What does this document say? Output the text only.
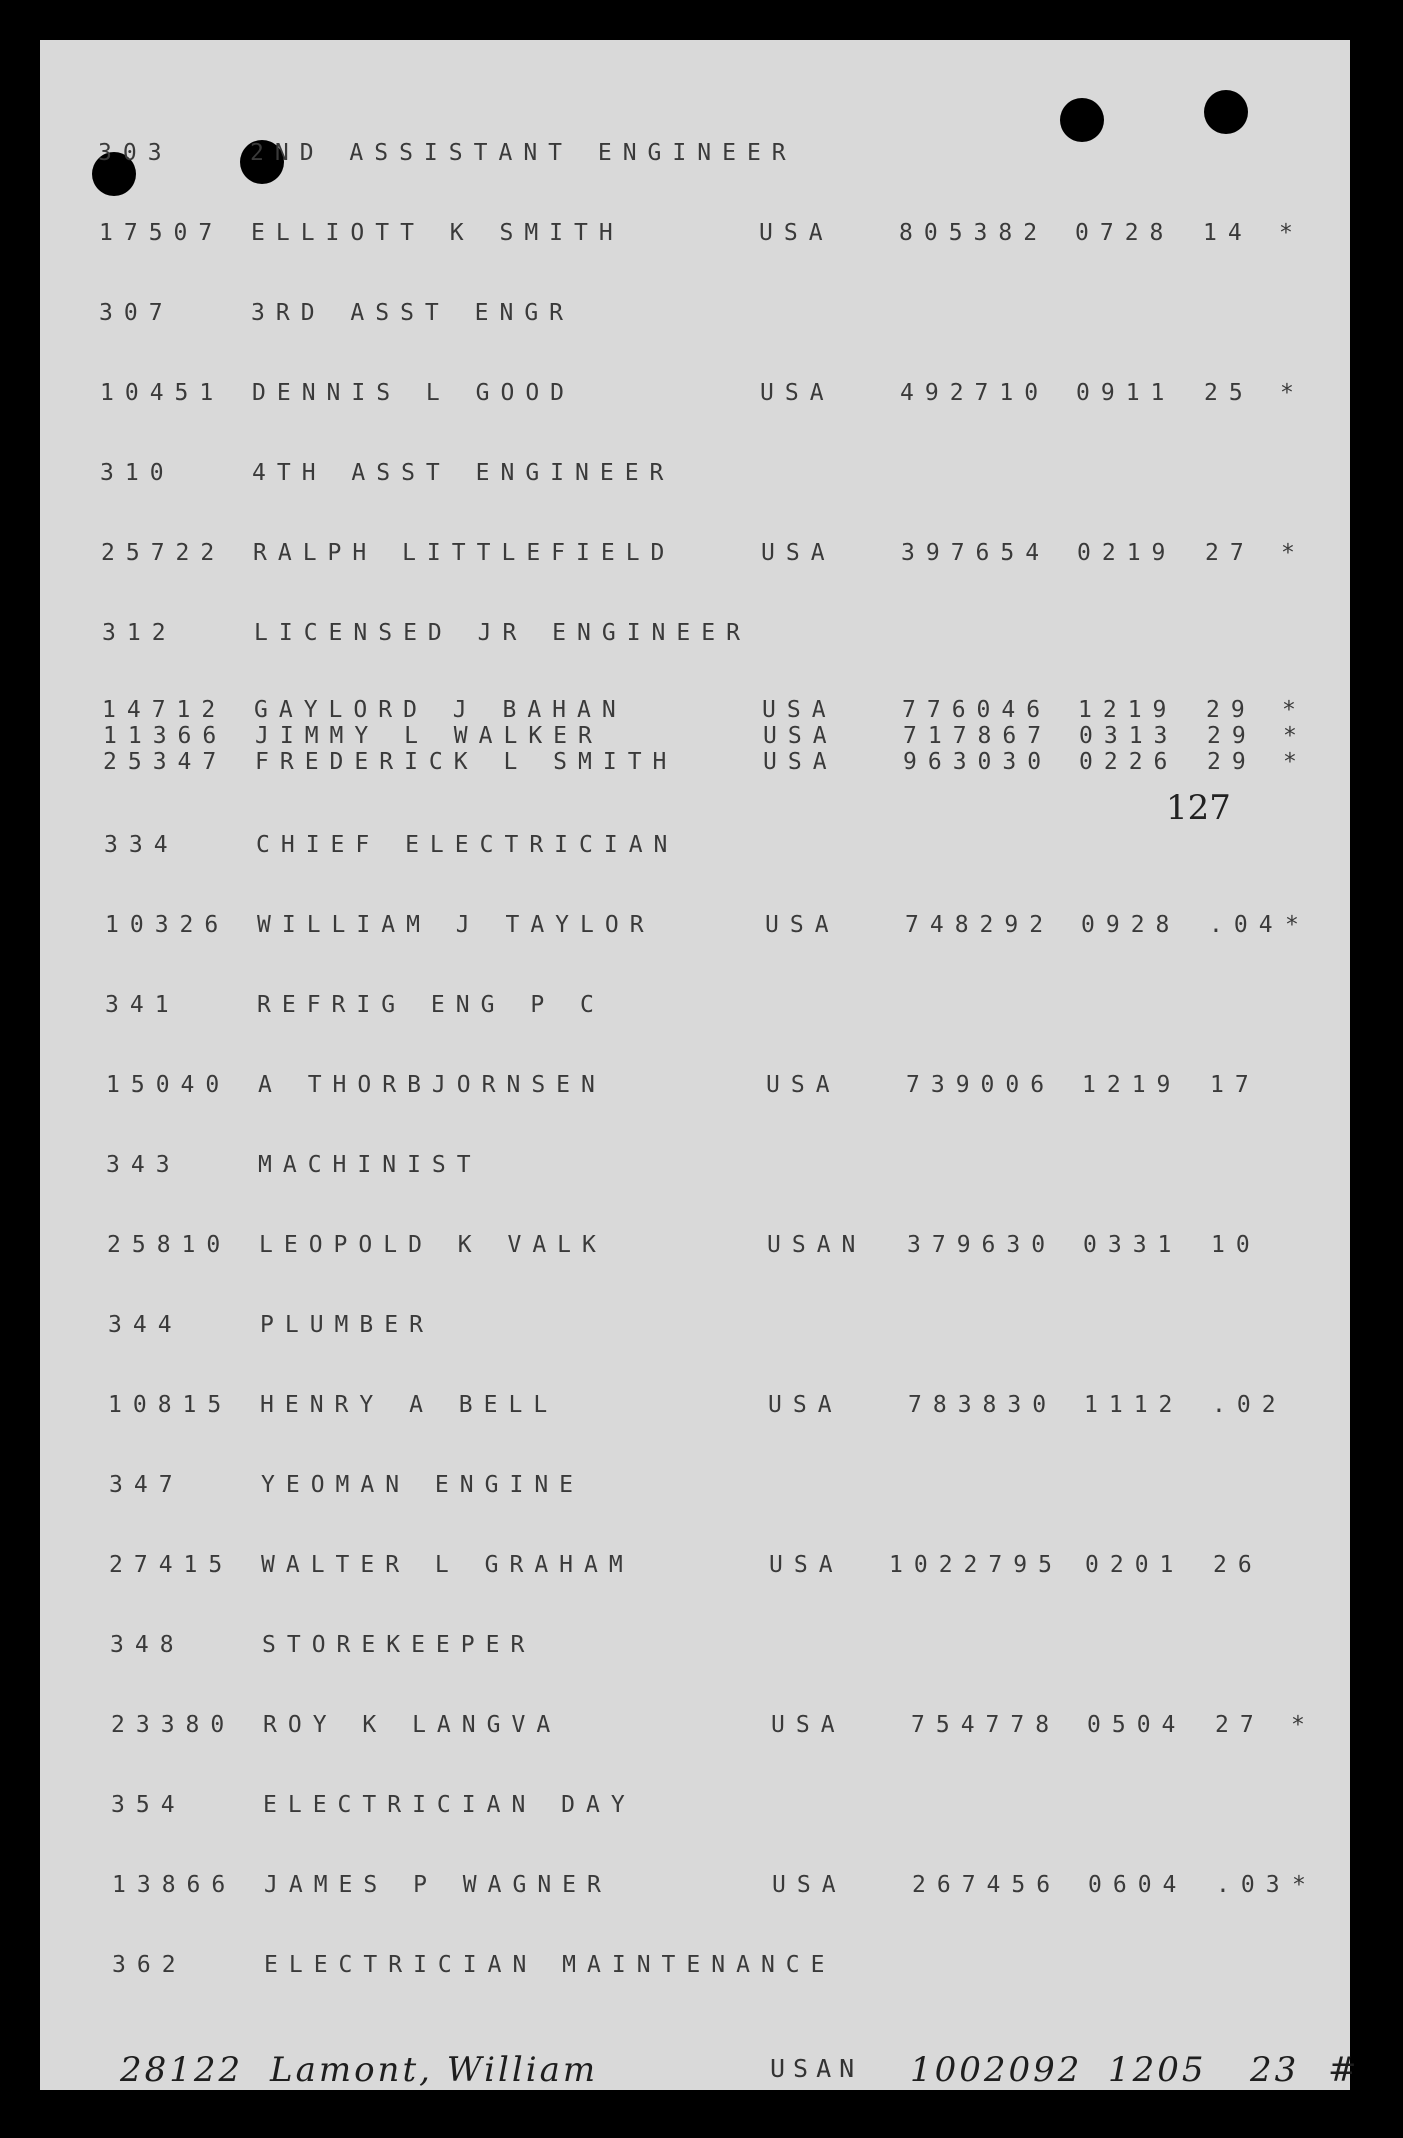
303	2ND ASSISTANT ENGINEER
17507 ELLIOTT K SMITH	USA	805382 0728 14 *
307	3RD ASST ENGR
10451 DENNIS L GOOD	USA	492710 0911 25 *
310	4TH ASST ENGINEER
25722 RALPH LITTLEFIELD	USA	397654 0219 27 *
312	LICENSED JR ENGINEER
14712 GAYLORD J BAHAN	USA	776046 1219 29 *
11366 JIMMY L WALKER	USA	717867 0313 29 *
25347 FREDERICK L SMITH	USA	963030 0226 29 *
334	CHIEF ELECTRICIAN
10326 WILLIAM J TAYLOR	USA	748292 0928 .04 *
341	REFRIG ENG P C
15040 A THORBJORNSEN	USA	739006 1219 17
343	MACHINIST
25810 LEOPOLD K VALK	USAN 379630 0331 10
344	PLUMBER
10815 HENRY A BELL	USA	783830 1112 .02
347	YEOMAN ENGINE
27415 WALTER L GRAHAM	USA 1022795 0201 26
348	STOREKEEPER
23380 ROY K LANGVA	USA	754778 0504 27 *
354	ELECTRICIAN DAY
13866 JAMES P WAGNER	USA	267456 0604 .03 *
362	ELECTRICIAN MAINTENANCE
127
28122 Lamont, William	USAN 1002092 1205 23 #
